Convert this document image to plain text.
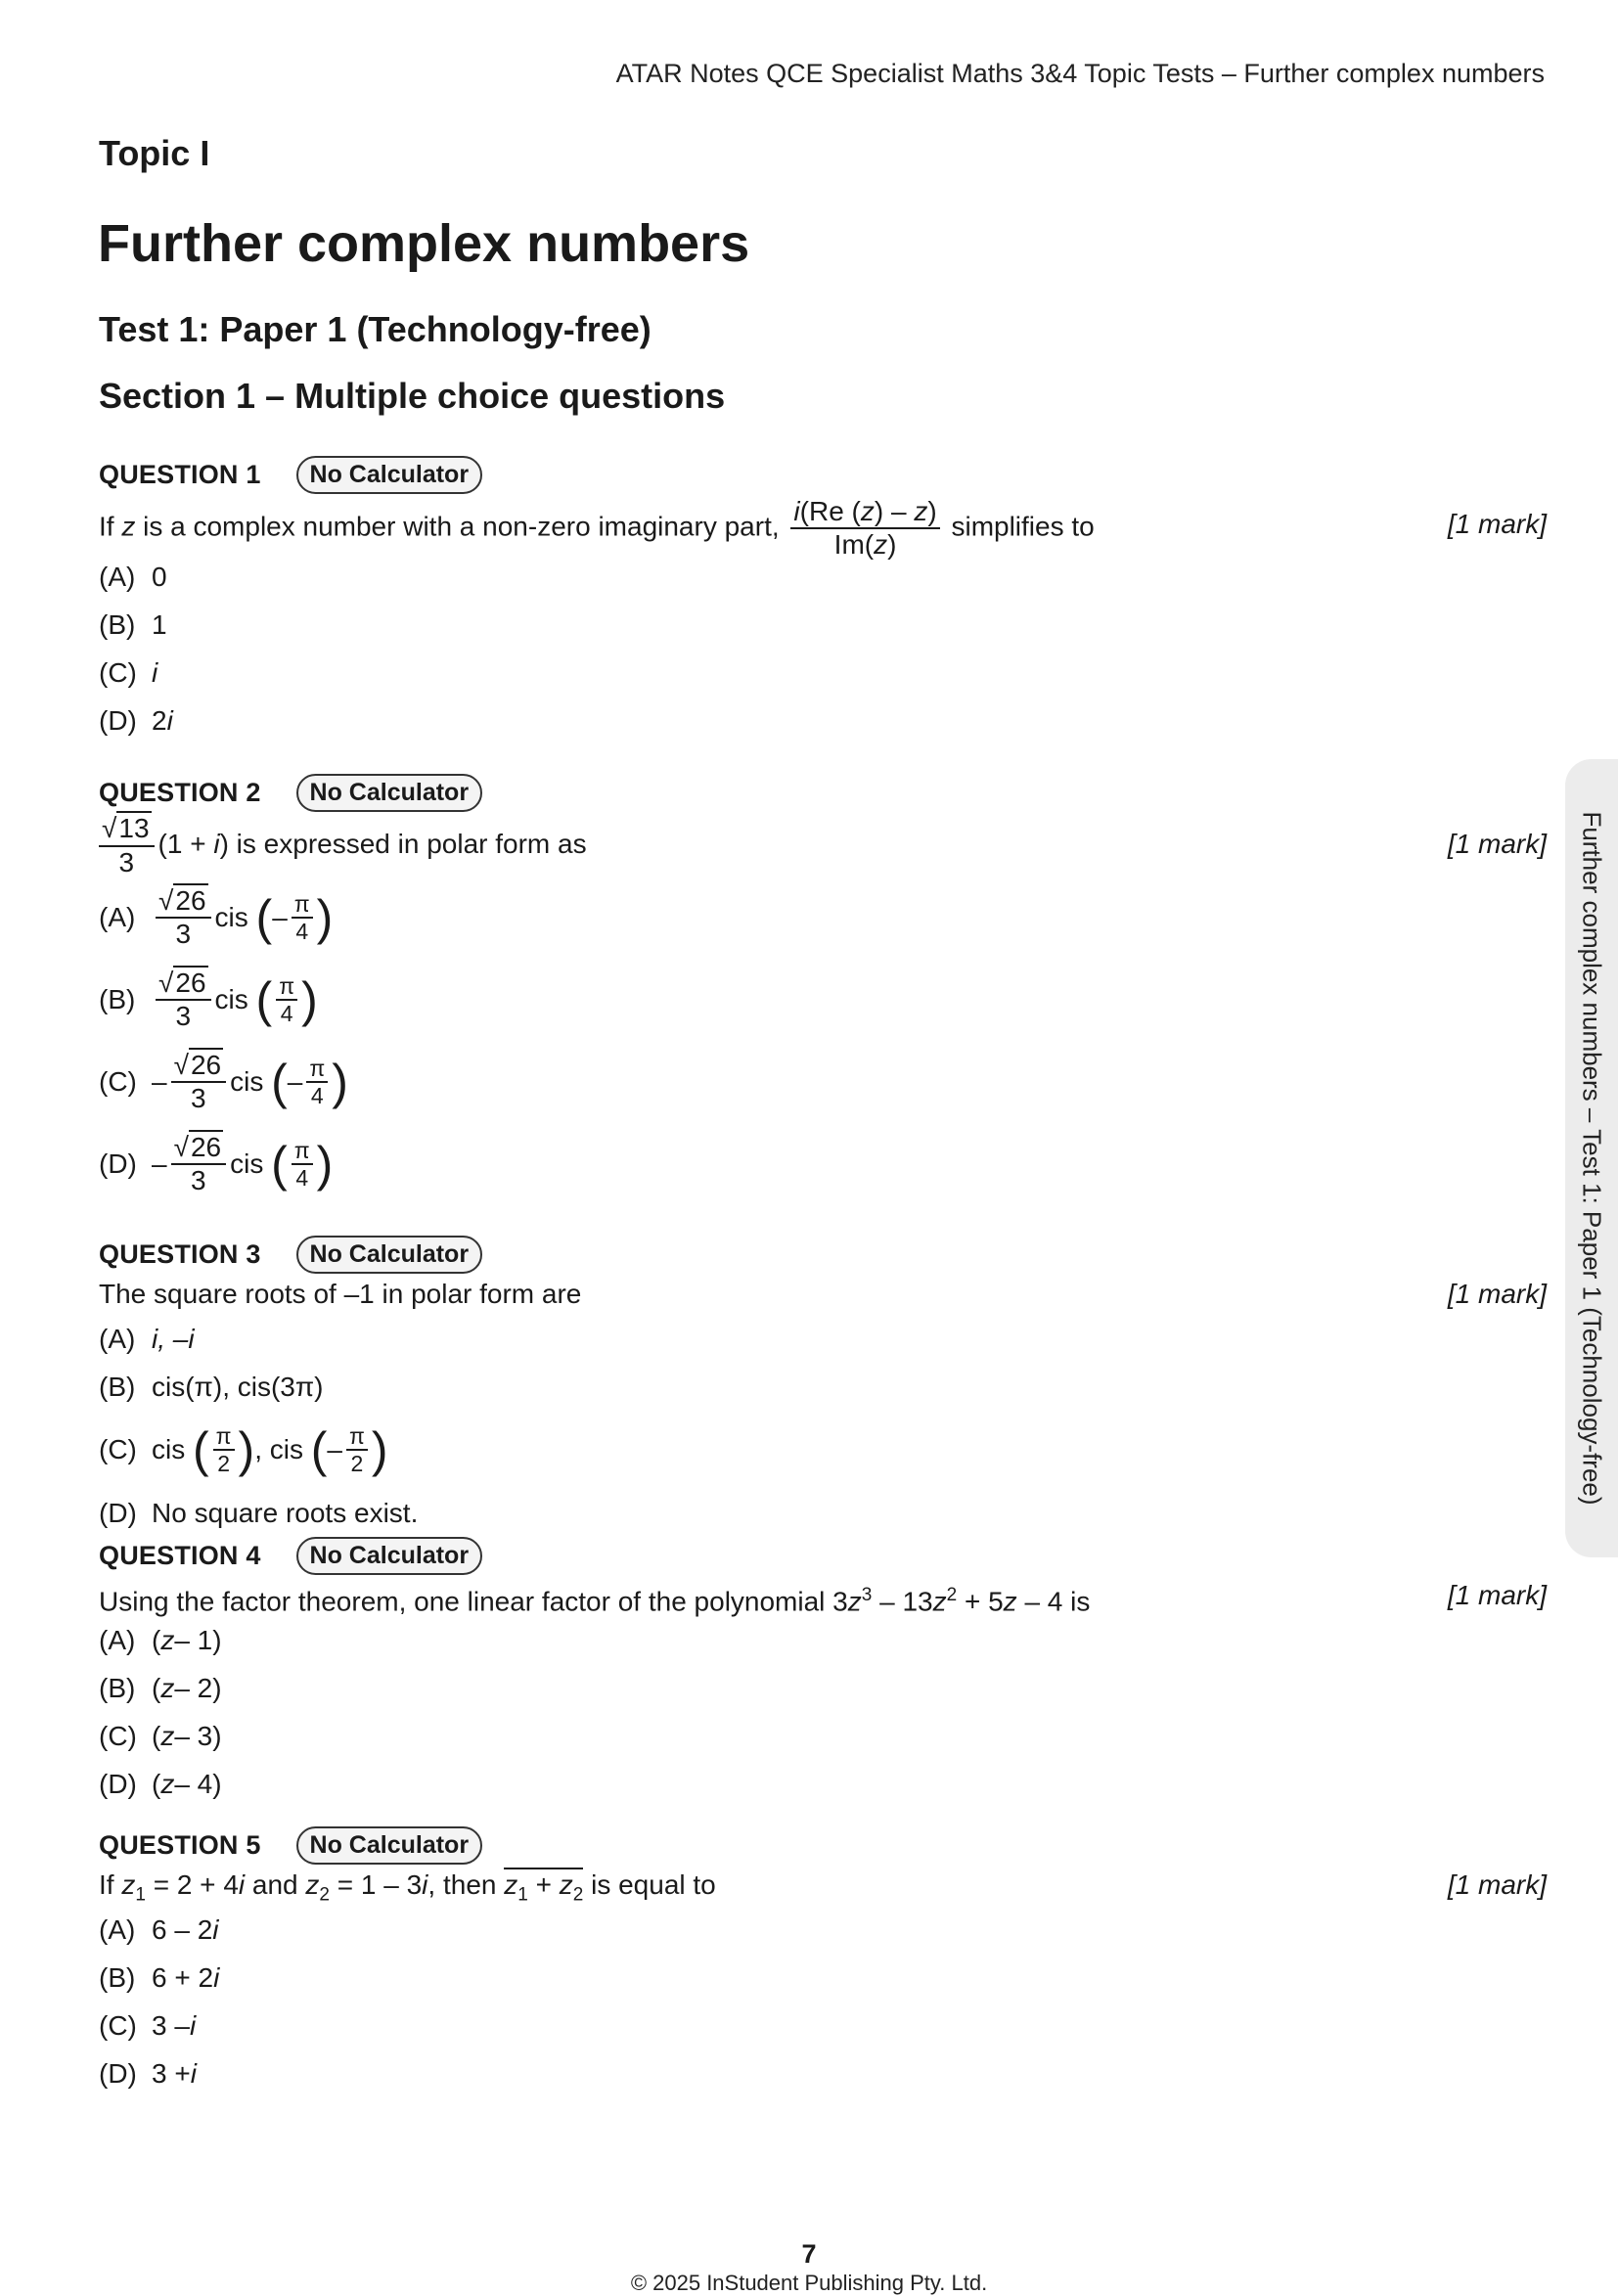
ATAR Notes QCE Specialist Maths 3&4 Topic Tests – Further complex numbers
Topic I
Further complex numbers
Test 1: Paper 1 (Technology-free)
Section 1 – Multiple choice questions
QUESTION 1	No Calculator
If z is a complex number with a non-zero imaginary part, $\frac{i(Re (z) - z)}{Im(z)}$ simplifies to	[1 mark]
(A) 0
(B) 1
(C) i
(D) 2 i
QUESTION 2	No Calculator
$\frac{√13}{3} (1 + i)$ is expressed in polar form as	[1 mark]
$(A) \frac{√26}{3}$ cis
( – $\frac{\pi}{4}$ )
$(B) \frac{√26}{3}$ cis
( $\frac{\pi}{4}$ )
$(C) - \frac{√26}{3}$ cis
( – $\frac{\pi}{4}$ )
$(D) - \frac{√26}{3}$ cis
( $\frac{\pi}{4}$ )
QUESTION 3	No Calculator
The square roots of –1 in polar form are	[1 mark]
(A) i, –i
(B) cis(π), cis(3π)
(C) cis
( $\frac{\pi}{2}$ ) , cis
( – $\frac{\pi}{2}$ )
(D) No square roots exist.
QUESTION 4	No Calculator
Using the factor theorem, one linear factor of the polynomial $3z^3 - 13z^2 + 5z - 4$ is	[1 mark]
(A) ( z – 1)
(B) ( z – 2)
(C) ( z – 3)
(D) ( z – 4)
QUESTION 5	No Calculator
If $z_1 = 2 + 4i$ and $z_2 = 1 - 3i$, then $z_1 + z_2$ is equal to	[1 mark]
(A) 6 – 2 i
(B) 6 + 2 i
(C) 3 – i
(D) 3 + i
Further complex numbers – Test 1: Paper 1 (Technology-free)
7
© 2025 InStudent Publishing Pty. Ltd.
